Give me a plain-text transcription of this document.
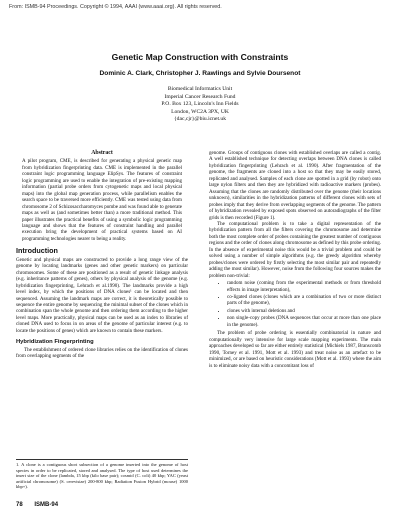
From: ISMB-94 Proceedings. Copyright © 1994, AAAI (www.aaai.org). All rights reserved.
Genetic Map Construction with Constraints
Dominic A. Clark, Christopher J. Rawlings and Sylvie Doursenot
Biomedical Informatics Unit
Imperial Cancer Research Fund
P.O. Box 123, Lincoln's Inn Fields
London, WC2A 3PX, UK
{dac,cjr}@biu.icnet.uk
Abstract

A pilot program, CME, is described for generating a physical genetic map from hybridization fingerprinting data. CME is implemented in the parallel constraint logic programming language ElipSys. The features of constraint logic programming are used to enable the integration of pre-existing mapping information (partial probe orders from cytogenetic maps and local physical maps) into the global map generation process, while parallelism enables the search space to be traversed more efficiently. CME was tested using data from chromosome 2 of Schizosaccharomyces pombe and was found able to generate maps as well as (and sometimes better than) a more traditional method. This paper illustrates the practical benefits of using a symbolic logic programming language and shows that the features of constraint handling and parallel execution bring the development of practical systems based on AI programming technologies nearer to being a reality.

Introduction

Genetic and physical maps are constructed to provide a long range view of the genome by locating landmarks (genes and other genetic markers) on particular chromosomes. Some of these are positioned as a result of genetic linkage analysis (e.g. inheritance patterns of genes), others by physical analysis of the genome (e.g. hybridization fingerprinting, Lehrach et al.1990). The landmarks provide a high level index, by which the positions of DNA clones¹ can be located and then sequenced. Assuming the landmark maps are correct, it is theoretically possible to sequence the entire genome by sequencing the minimal subset of the clones which in combination span the whole genome and then ordering them according to the higher level maps. More practically, physical maps can be used as an index to libraries of cloned DNA used to focus in on areas of the genome of particular interest (e.g. to locate the positions of genes) which are known to contain these markers.

Hybridization Fingerprinting

The establishment of ordered clone libraries relies on the identification of clones from overlapping segments of the

genome. Groups of contiguous clones with established overlaps are called a contig. A well established technique for detecting overlaps between DNA clones is called hybridization fingerprinting (Lehrach et al. 1990). After fragmentation of the genome, the fragments are cloned into a host so that they may be easily stored, replicated and analysed. Samples of each clone are spotted in a grid (by robot) onto large nylon filters and then they are hybridized with radioactive markers (probes). Assuming that the clones are randomly distributed over the genome (their locations unknown), similarities in the hybridization patterns of different clones with sets of probes imply that they derive from overlapping segments of the genome. The pattern of hybridization revealed by exposed spots observed on autoradiographs of the filter grids is then recorded (Figure 1).

The computational problem is to take a digital representation of the hybridization pattern from all the filters covering the chromosome and determine both the most complete order of probes containing the greatest number of contiguous regions and the order of clones along chromosome as defined by this probe ordering. In the absence of experimental noise this would be a trivial problem and could be solved using a number of simple algorithms (e.g. the greedy algorithm whereby probes/clones were ordered by firstly selecting the most similar pair and repeatedly adding the most similar). However, noise from the following four sources makes the problem non-trivial:

• random noise (coming from the experimental methods or from threshold effects in image interpretation),
• co-ligated clones (clones which are a combination of two or more distinct parts of the genome),
• clones with internal deletions and
• non single-copy probes (DNA sequences that occur at more than one place in the genome).

The problem of probe ordering is essentially combinatorial in nature and computationally very intensive for large scale mapping experiments. The main approaches developed so far are either entirely statistical (Michiels 1987, Branscomb 1990, Torney et al. 1991, Mott et al. 1993) and treat noise as an artefact to be minimized, or are based on heuristic considerations (Mott et al. 1993) where the aim is to eliminate noisy data with a concomitant loss of

1. A clone is a contiguous short subsection of a genome inserted into the genome of host species in order to be replicated, stored and analysed. The type of host used determines the insert size of the clone (lambda, 15 kbp (kilo base pair); cosmid (C. coli) 40 kbp; YAC (yeast artificial chromosome) (S. cerevisiae) 200-800 kbp; Radiation Fusion Hybrid (mouse) 1000 kbp+).
78 ISMB-94
